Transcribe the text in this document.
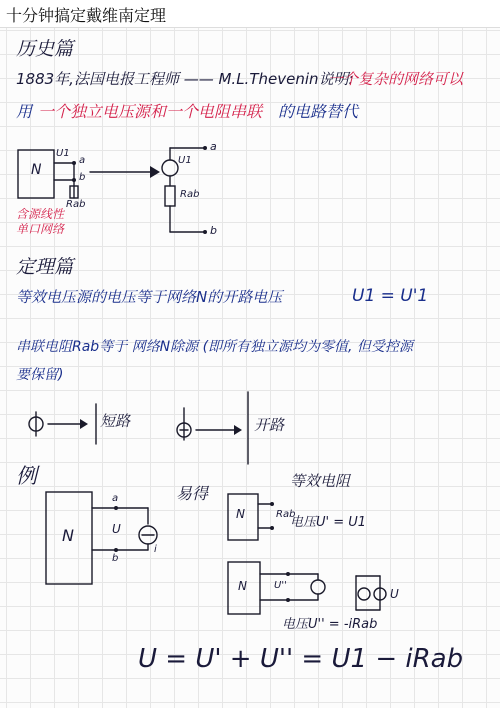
十分钟搞定戴维南定理
历史篇
1883年,法国电报工程师 —— M.L.Thevenin说明:
一个复杂的网络可以
用 一个独立电压源和一个电阻串联 的电路替代
N
U1
a
b
Rab
含源线性
单口网络
U1
Rab
a
b
定理篇
等效电压源的电压等于网络N的开路电压	U1 = U'1
串联电阻Rab等于 网络N除源 (即所有独立源均为零值, 但受控源
要保留)
短路	开路
例
N
a
b
U
i
易得
等效电阻
N	Rab
电压U' = U1
N	U''
电压U'' = -iRab
U
U = U' + U'' = U1 − iRab
